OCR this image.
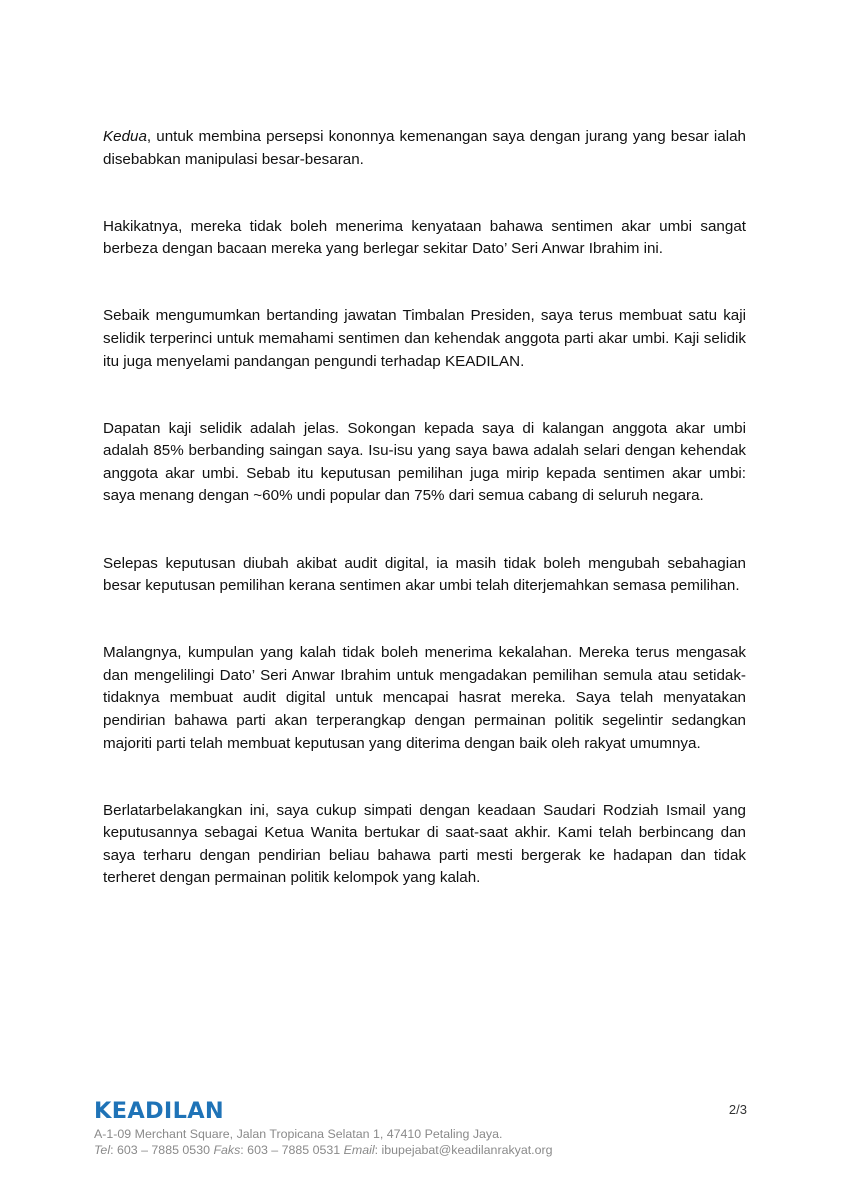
Kedua, untuk membina persepsi kononnya kemenangan saya dengan jurang yang besar ialah disebabkan manipulasi besar-besaran.

Hakikatnya, mereka tidak boleh menerima kenyataan bahawa sentimen akar umbi sangat berbeza dengan bacaan mereka yang berlegar sekitar Dato’ Seri Anwar Ibrahim ini.

Sebaik mengumumkan bertanding jawatan Timbalan Presiden, saya terus membuat satu kaji selidik terperinci untuk memahami sentimen dan kehendak anggota parti akar umbi. Kaji selidik itu juga menyelami pandangan pengundi terhadap KEADILAN.

Dapatan kaji selidik adalah jelas. Sokongan kepada saya di kalangan anggota akar umbi adalah 85% berbanding saingan saya. Isu-isu yang saya bawa adalah selari dengan kehendak anggota akar umbi. Sebab itu keputusan pemilihan juga mirip kepada sentimen akar umbi: saya menang dengan ~60% undi popular dan 75% dari semua cabang di seluruh negara.

Selepas keputusan diubah akibat audit digital, ia masih tidak boleh mengubah sebahagian besar keputusan pemilihan kerana sentimen akar umbi telah diterjemahkan semasa pemilihan.

Malangnya, kumpulan yang kalah tidak boleh menerima kekalahan. Mereka terus mengasak dan mengelilingi Dato’ Seri Anwar Ibrahim untuk mengadakan pemilihan semula atau setidak-tidaknya membuat audit digital untuk mencapai hasrat mereka. Saya telah menyatakan pendirian bahawa parti akan terperangkap dengan permainan politik segelintir sedangkan majoriti parti telah membuat keputusan yang diterima dengan baik oleh rakyat umumnya.

Berlatarbelakangkan ini, saya cukup simpati dengan keadaan Saudari Rodziah Ismail yang keputusannya sebagai Ketua Wanita bertukar di saat-saat akhir. Kami telah berbincang dan saya terharu dengan pendirian beliau bahawa parti mesti bergerak ke hadapan dan tidak terheret dengan permainan politik kelompok yang kalah.

KEADILAN	2/3
A-1-09 Merchant Square, Jalan Tropicana Selatan 1, 47410 Petaling Jaya.
Tel: 603 – 7885 0530 Faks: 603 – 7885 0531 Email: ibupejabat@keadilanrakyat.org
